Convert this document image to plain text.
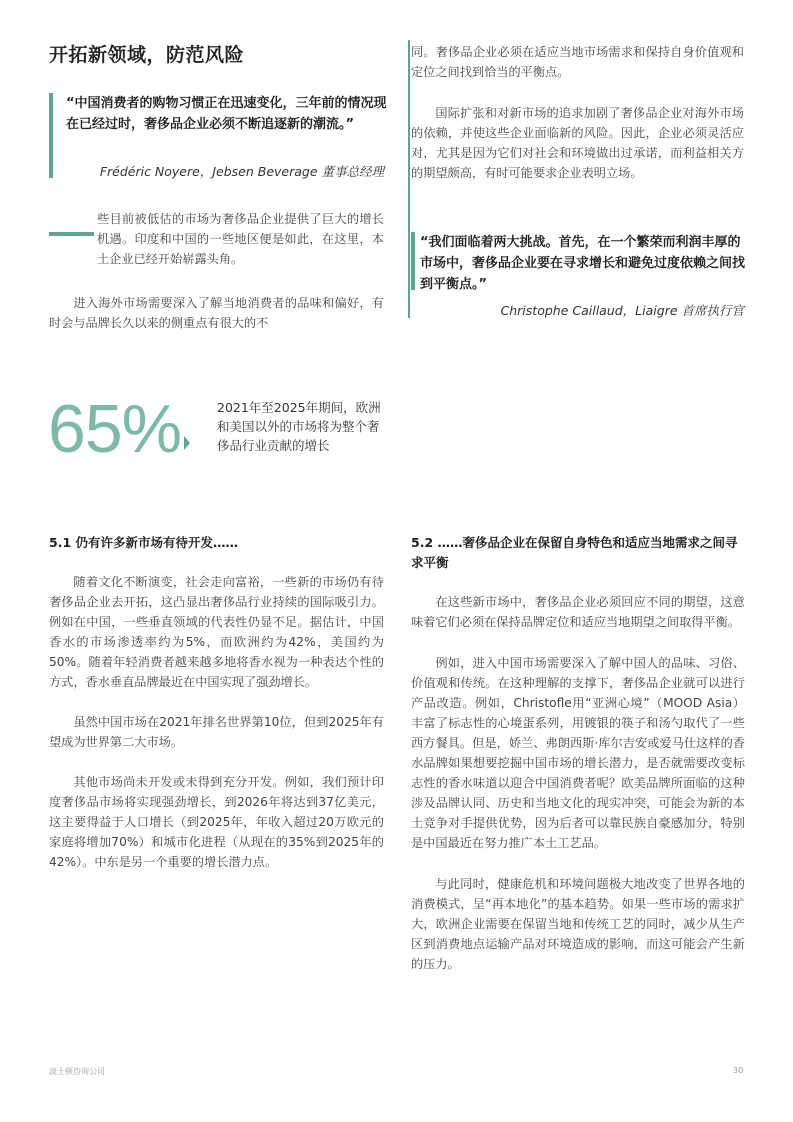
开拓新领域，防范风险
“中国消费者的购物习惯正在迅速变化，三年前的情况现在已经过时，奢侈品企业必须不断追逐新的潮流。”
Frédéric Noyere，Jebsen Beverage 董事总经理

些目前被低估的市场为奢侈品企业提供了巨大的增长机遇。印度和中国的一些地区便是如此，在这里，本土企业已经开始崭露头角。

进入海外市场需要深入了解当地消费者的品味和偏好，有时会与品牌长久以来的侧重点有很大的不

同。奢侈品企业必须在适应当地市场需求和保持自身价值观和定位之间找到恰当的平衡点。

国际扩张和对新市场的追求加剧了奢侈品企业对海外市场的依赖，并使这些企业面临新的风险。因此，企业必须灵活应对，尤其是因为它们对社会和环境做出过承诺，而利益相关方的期望颇高，有时可能要求企业表明立场。

“我们面临着两大挑战。首先，在一个繁荣而利润丰厚的市场中，奢侈品企业要在寻求增长和避免过度依赖之间找到平衡点。”
Christophe Caillaud，Liaigre 首席执行官
65%	2021年至2025年期间，欧洲和美国以外的市场将为整个奢侈品行业贡献的增长
5.1 仍有许多新市场有待开发……

随着文化不断演变，社会走向富裕，一些新的市场仍有待奢侈品企业去开拓，这凸显出奢侈品行业持续的国际吸引力。例如在中国，一些垂直领域的代表性仍显不足。据估计，中国香水的市场渗透率约为5%，而欧洲约为42%，美国约为50%。随着年轻消费者越来越多地将香水视为一种表达个性的方式，香水垂直品牌最近在中国实现了强劲增长。

虽然中国市场在2021年排名世界第10位，但到2025年有望成为世界第二大市场。

其他市场尚未开发或未得到充分开发。例如，我们预计印度奢侈品市场将实现强劲增长，到2026年将达到37亿美元，这主要得益于人口增长（到2025年，年收入超过20万欧元的家庭将增加70%）和城市化进程（从现在的35%到2025年的42%）。中东是另一个重要的增长潜力点。

5.2 ……奢侈品企业在保留自身特色和适应当地需求之间寻求平衡

在这些新市场中，奢侈品企业必须回应不同的期望，这意味着它们必须在保持品牌定位和适应当地期望之间取得平衡。

例如，进入中国市场需要深入了解中国人的品味、习俗、价值观和传统。在这种理解的支撑下，奢侈品企业就可以进行产品改造。例如，Christofle用“亚洲心境”（MOOD Asia）丰富了标志性的心境蛋系列，用镀银的筷子和汤勺取代了一些西方餐具。但是，娇兰、弗朗西斯·库尔吉安或爱马仕这样的香水品牌如果想要挖掘中国市场的增长潜力，是否就需要改变标志性的香水味道以迎合中国消费者呢？欧美品牌所面临的这种涉及品牌认同、历史和当地文化的现实冲突，可能会为新的本土竞争对手提供优势，因为后者可以靠民族自豪感加分，特别是中国最近在努力推广本土工艺品。

与此同时，健康危机和环境问题极大地改变了世界各地的消费模式，呈“再本地化”的基本趋势。如果一些市场的需求扩大，欧洲企业需要在保留当地和传统工艺的同时，减少从生产区到消费地点运输产品对环境造成的影响，而这可能会产生新的压力。

波士顿咨询公司	30
